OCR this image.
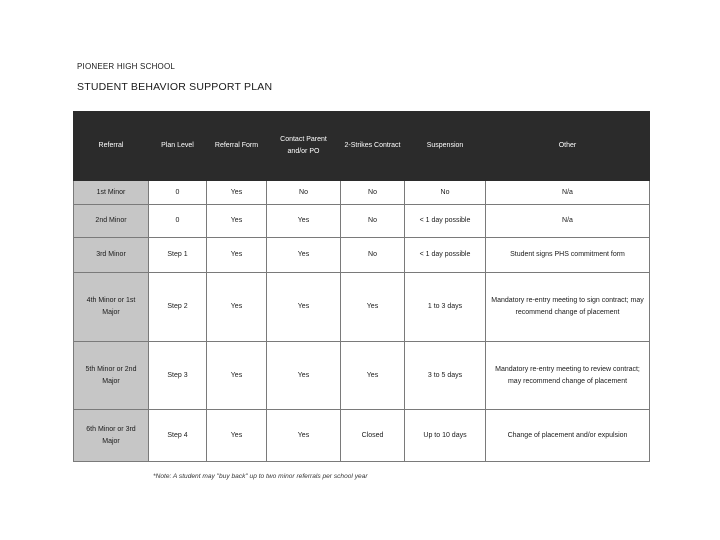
PIONEER HIGH SCHOOL
STUDENT BEHAVIOR SUPPORT PLAN
Referral	Plan Level	Referral Form	Contact Parent and/or PO	2-Strikes Contract	Suspension	Other
1st Minor	0	Yes	No	No	No	N/a
2nd Minor	0	Yes	Yes	No	< 1 day possible	N/a
3rd Minor	Step 1	Yes	Yes	No	< 1 day possible	Student signs PHS commitment form
4th Minor or 1st Major	Step 2	Yes	Yes	Yes	1 to 3 days	Mandatory re-entry meeting to sign contract; may recommend change of placement
5th Minor or 2nd Major	Step 3	Yes	Yes	Yes	3 to 5 days	Mandatory re-entry meeting to review contract; may recommend change of placement
6th Minor or 3rd Major	Step 4	Yes	Yes	Closed	Up to 10 days	Change of placement and/or expulsion
*Note: A student may "buy back" up to two minor referrals per school year
